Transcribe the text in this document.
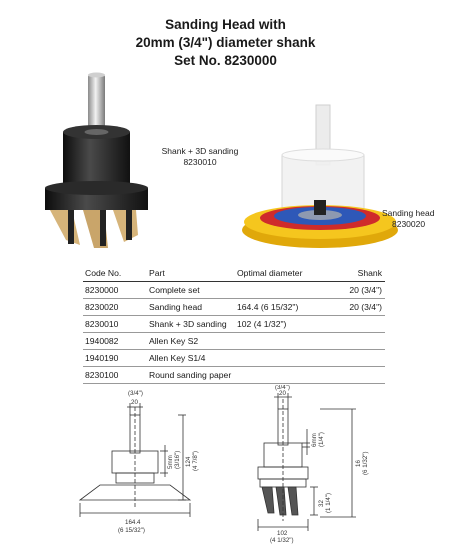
Sanding Head with
20mm (3/4") diameter shank
Set No. 8230000
Shank + 3D sanding
8230010
Sanding head
8230020
Code No.	Part	Optimal diameter	Shank
8230000	Complete set		20 (3/4")
8230020	Sanding head	164.4 (6 15/32")	20 (3/4")
8230010	Shank + 3D sanding	102 (4 1/32")	
1940082	Allen Key S2		
1940190	Allen Key S1/4		
8230100	Round sanding paper		
(3/4")
20
5mm (3/16") 124 (4 7/8")
164.4
(6 15/32")
(3/4")
20
6mm (1/4")
16 (6 1/32")
32 (1 1/4")
102
(4 1/32")
